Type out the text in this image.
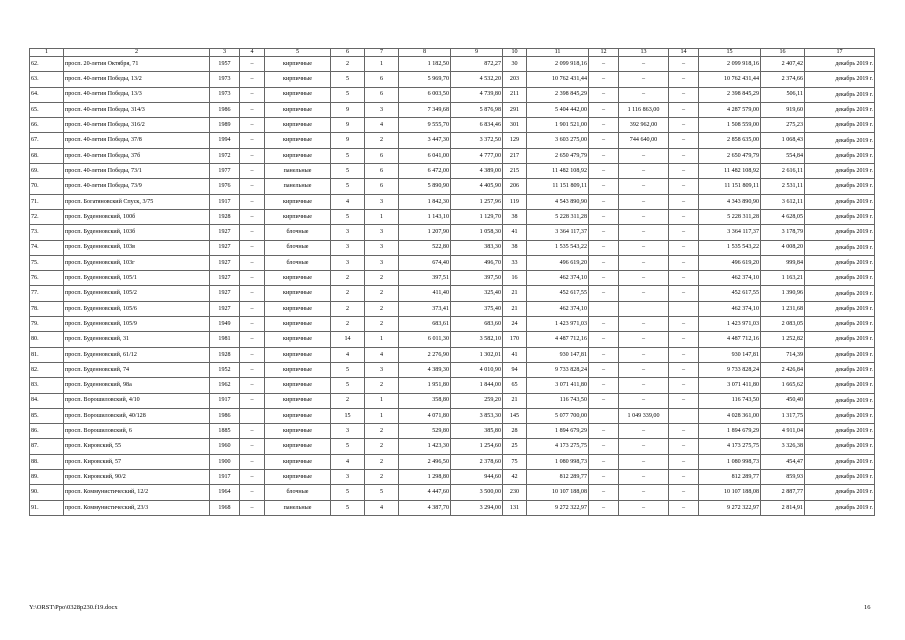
1	2	3	4	5	6	7	8	9	10	11	12	13	14	15	16	17
62.	просп. 20-летия Октября, 71	1957	–	кирпичные	2	1	1 182,50	872,27	30	2 099 918,16	–	–	–	2 099 918,16	2 407,42	декабрь 2019 г.
63.	просп. 40-летия Победы, 13/2	1973	–	кирпичные	5	6	5 969,70	4 532,20	203	10 762 431,44	–	–	–	10 762 431,44	2 374,66	декабрь 2019 г.
64.	просп. 40-летия Победы, 13/3	1973	–	кирпичные	5	6	6 003,50	4 739,80	211	2 398 845,29	–	–	–	2 398 845,29	506,11	декабрь 2019 г.
65.	просп. 40-летия Победы, 314/3	1986	–	кирпичные	9	3	7 349,68	5 876,98	291	5 404 442,00	–	1 116 863,00	–	4 287 579,00	919,60	декабрь 2019 г.
66.	просп. 40-летия Победы, 316/2	1989	–	кирпичные	9	4	9 555,70	6 834,46	301	1 901 521,00	–	392 962,00	–	1 508 559,00	275,23	декабрь 2019 г.
67.	просп. 40-летия Победы, 37/8	1994	–	кирпичные	9	2	3 447,30	3 372,50	129	3 603 275,00	–	744 640,00	–	2 858 635,00	1 068,43	декабрь 2019 г.
68.	просп. 40-летия Победы, 37б	1972	–	кирпичные	5	6	6 041,00	4 777,00	217	2 650 479,79	–	–	–	2 650 479,79	554,84	декабрь 2019 г.
69.	просп. 40-летия Победы, 73/1	1977	–	панельные	5	6	6 472,00	4 389,00	215	11 482 108,92	–	–	–	11 482 108,92	2 616,11	декабрь 2019 г.
70.	просп. 40-летия Победы, 73/9	1976	–	панельные	5	6	5 890,90	4 405,90	206	11 151 809,11	–	–	–	11 151 809,11	2 531,11	декабрь 2019 г.
71.	просп. Богатяновский Спуск, 3/75	1917	–	кирпичные	4	3	1 842,30	1 257,96	119	4 543 890,90	–	–	–	4 343 890,90	3 612,11	декабрь 2019 г.
72.	просп. Буденновский, 100б	1928	–	кирпичные	5	1	1 143,10	1 129,70	38	5 228 311,28	–	–	–	5 228 311,28	4 628,05	декабрь 2019 г.
73.	просп. Буденновский, 103б	1927	–	блочные	3	3	1 207,90	1 058,30	41	3 364 117,37	–	–	–	3 364 117,37	3 178,79	декабрь 2019 г.
74.	просп. Буденновский, 103в	1927	–	блочные	3	3	522,80	383,30	38	1 535 543,22	–	–	–	1 535 543,22	4 008,20	декабрь 2019 г.
75.	просп. Буденновский, 103г	1927	–	блочные	3	3	674,40	496,70	33	496 619,20	–	–	–	496 619,20	999,84	декабрь 2019 г.
76.	просп. Буденновский, 105/1	1927	–	кирпичные	2	2	397,51	397,50	16	462 374,10	–	–	–	462 374,10	1 163,21	декабрь 2019 г.
77.	просп. Буденновский, 105/2	1927	–	кирпичные	2	2	411,40	325,40	21	452 617,55	–	–	–	452 617,55	1 390,96	декабрь 2019 г.
78.	просп. Буденновский, 105/6	1927	–	кирпичные	2	2	373,41	375,40	21	462 374,10				462 374,10	1 231,68	декабрь 2019 г.
79.	просп. Буденновский, 105/9	1949	–	кирпичные	2	2	683,61	683,60	24	1 423 971,03	–	–	–	1 423 971,03	2 083,05	декабрь 2019 г.
80.	просп. Буденновский, 31	1981	–	кирпичные	14	1	6 011,30	3 582,10	170	4 487 712,16	–	–	–	4 487 712,16	1 252,82	декабрь 2019 г.
81.	просп. Буденновский, 61/12	1928	–	кирпичные	4	4	2 276,90	1 302,01	41	930 147,81	–	–	–	930 147,81	714,39	декабрь 2019 г.
82.	просп. Буденновский, 74	1952	–	кирпичные	5	3	4 389,30	4 010,90	94	9 733 828,24	–	–	–	9 733 828,24	2 426,84	декабрь 2019 г.
83.	просп. Буденновский, 98а	1962	–	кирпичные	5	2	1 951,80	1 844,00	65	3 071 411,80	–	–	–	3 071 411,80	1 665,62	декабрь 2019 г.
84.	просп. Ворошиловский, 4/10	1917	–	кирпичные	2	1	358,80	259,20	21	116 743,50	–	–	–	116 743,50	450,40	декабрь 2019 г.
85.	просп. Ворошиловский, 40/128	1986		кирпичные	15	1	4 071,80	3 853,30	145	5 077 700,00		1 049 339,00		4 028 361,00	1 317,75	декабрь 2019 г.
86.	просп. Ворошиловский, 6	1885	–	кирпичные	3	2	529,80	385,80	28	1 894 679,29	–	–	–	1 894 679,29	4 911,04	декабрь 2019 г.
87.	просп. Кировский, 55	1960	–	кирпичные	5	2	1 423,30	1 254,60	25	4 173 275,75	–	–	–	4 173 275,75	3 326,38	декабрь 2019 г.
88.	просп. Кировский, 57	1900	–	кирпичные	4	2	2 496,50	2 378,60	75	1 080 998,73	–	–	–	1 080 998,73	454,47	декабрь 2019 г.
89.	просп. Кировский, 90/2	1917	–	кирпичные	3	2	1 298,80	944,60	42	812 289,77	–	–	–	812 289,77	859,93	декабрь 2019 г.
90.	просп. Коммунистический, 12/2	1964	–	блочные	5	5	4 447,60	3 500,00	230	10 107 188,08	–	–	–	10 107 188,08	2 887,77	декабрь 2019 г.
91.	просп. Коммунистический, 23/3	1968	–	панельные	5	4	4 387,70	3 294,00	131	9 272 322,97	–	–	–	9 272 322,97	2 814,91	декабрь 2019 г.
Y:\ORST\Ppo\0328p230.f19.docx	16
